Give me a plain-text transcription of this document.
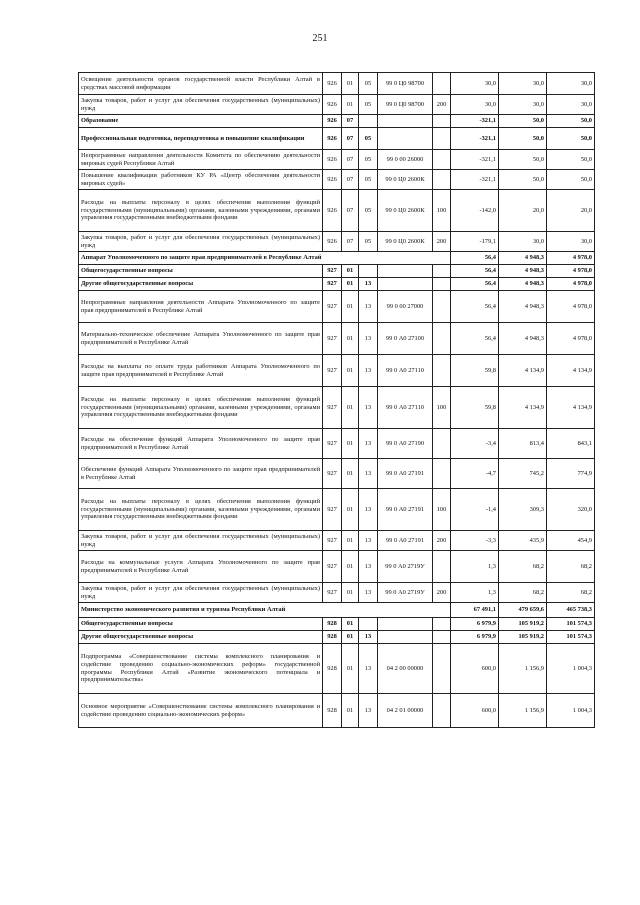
251
Освещение деятельности органов государственной власти Республики Алтай в средствах массовой информации	926	01	05	99 0 Ц0 98700		30,0	30,0	30,0
Закупка товаров, работ и услуг для обеспечения государственных (муниципальных) нужд	926	01	05	99 0 Ц0 98700	200	30,0	30,0	30,0
Образование	926	07				-321,1	50,0	50,0
Профессиональная подготовка, переподготовка и повышение квалификации	926	07	05			-321,1	50,0	50,0
Непрограммные направления деятельности Комитета по обеспечению деятельности мировых судей Республики Алтай	926	07	05	99 0 00 26000		-321,1	50,0	50,0
Повышение квалификации работников КУ РА «Центр обеспечения деятельности мировых судей»	926	07	05	99 0 Ц0 2600К		-321,1	50,0	50,0
Расходы на выплаты персоналу в целях обеспечения выполнения функций государственными (муниципальными) органами, казенными учреждениями, органами управления государственными внебюджетными фондами	926	07	05	99 0 Ц0 2600К	100	-142,0	20,0	20,0
Закупка товаров, работ и услуг для обеспечения государственных (муниципальных) нужд	926	07	05	99 0 Ц0 2600К	200	-179,1	30,0	30,0
Аппарат Уполномоченного по защите прав предпринимателей в Республике Алтай						56,4	4 948,3	4 978,0
Общегосударственные вопросы	927	01				56,4	4 948,3	4 978,0
Другие общегосударственные вопросы	927	01	13			56,4	4 948,3	4 978,0
Непрограммные направления деятельности Аппарата Уполномоченного по защите прав предпринимателей в Республике Алтай	927	01	13	99 0 00 27000		56,4	4 948,3	4 978,0
Материально-техническое обеспечение Аппарата Уполномоченного по защите прав предпринимателей в Республике Алтай	927	01	13	99 0 А0 27100		56,4	4 948,3	4 978,0
Расходы на выплаты по оплате труда работников Аппарата Уполномоченного по защите прав предпринимателей в Республике Алтай	927	01	13	99 0 А0 27110		59,8	4 134,9	4 134,9
Расходы на выплаты персоналу в целях обеспечения выполнения функций государственными (муниципальными) органами, казенными учреждениями, органами управления государственными внебюджетными фондами	927	01	13	99 0 А0 27110	100	59,8	4 134,9	4 134,9
Расходы на обеспечение функций Аппарата Уполномоченного по защите прав предпринимателей в Республике Алтай	927	01	13	99 0 А0 27190		-3,4	813,4	843,1
Обеспечение функций Аппарата Уполномоченного по защите прав предпринимателей в Республике Алтай	927	01	13	99 0 А0 27191		-4,7	745,2	774,9
Расходы на выплаты персоналу в целях обеспечения выполнения функций государственными (муниципальными) органами, казенными учреждениями, органами управления государственными внебюджетными фондами	927	01	13	99 0 А0 27191	100	-1,4	309,3	320,0
Закупка товаров, работ и услуг для обеспечения государственных (муниципальных) нужд	927	01	13	99 0 А0 27191	200	-3,3	435,9	454,9
Расходы на коммунальные услуги Аппарата Уполномоченного по защите прав предпринимателей в Республике Алтай	927	01	13	99 0 А0 2719У		1,3	68,2	68,2
Закупка товаров, работ и услуг для обеспечения государственных (муниципальных) нужд	927	01	13	99 0 А0 2719У	200	1,3	68,2	68,2
Министерство экономического развития и туризма Республики Алтай						67 491,1	479 659,6	465 738,3
Общегосударственные вопросы	928	01				6 979,9	105 919,2	101 574,3
Другие общегосударственные вопросы	928	01	13			6 979,9	105 919,2	101 574,3
Подпрограмма «Совершенствование системы комплексного планирования и содействие проведению социально-экономических реформ» государственной программы Республики Алтай «Развитие экономического потенциала и предпринимательства»	928	01	13	04 2 00 00000		600,0	1 156,9	1 004,3
Основное мероприятие «Совершенствование системы комплексного планирования и содействие проведению социально-экономических реформ»	928	01	13	04 2 01 00000		600,0	1 156,9	1 004,3
